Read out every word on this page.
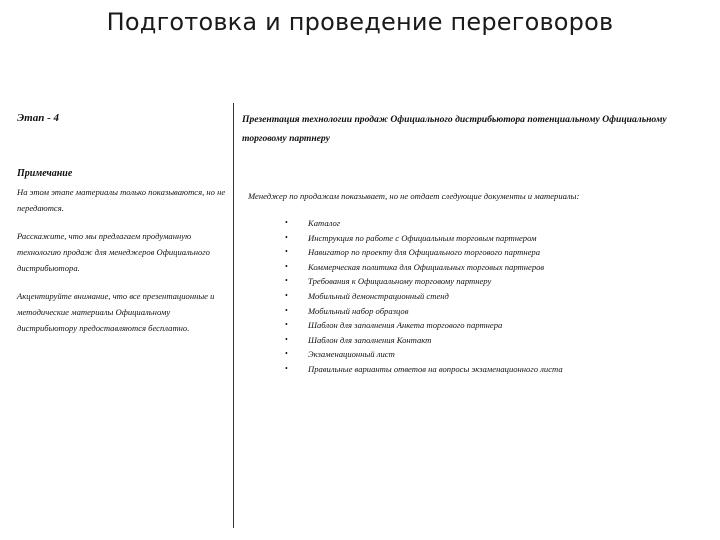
Подготовка и проведение переговоров
Этап - 4
Примечание

На этом этапе материалы только показываются, но не передаются.

Расскажите, что мы предлагаем продуманную технологию продаж для менеджеров Официального дистрибьютора.

Акцентируйте внимание, что все презентационные и методические материалы Официальному дистрибьютору предоставляются бесплатно.

Презентация технологии продаж Официального дистрибьютора потенциальному Официальному торговому партнеру

Менеджер по продажам показывает, но не отдает следующие документы и материалы:

• Каталог
• Инструкция по работе с Официальным торговым партнером
• Навигатор по проекту для Официального торгового партнера
• Коммерческая политика для Официальных торговых партнеров
• Требования к Официальному торговому партнеру
• Мобильный демонстрационный стенд
• Мобильный набор образцов
• Шаблон для заполнения Анкета торгового партнера
• Шаблон для заполнения Контакт
• Экзаменационный лист
• Правильные варианты ответов на вопросы экзаменационного листа
